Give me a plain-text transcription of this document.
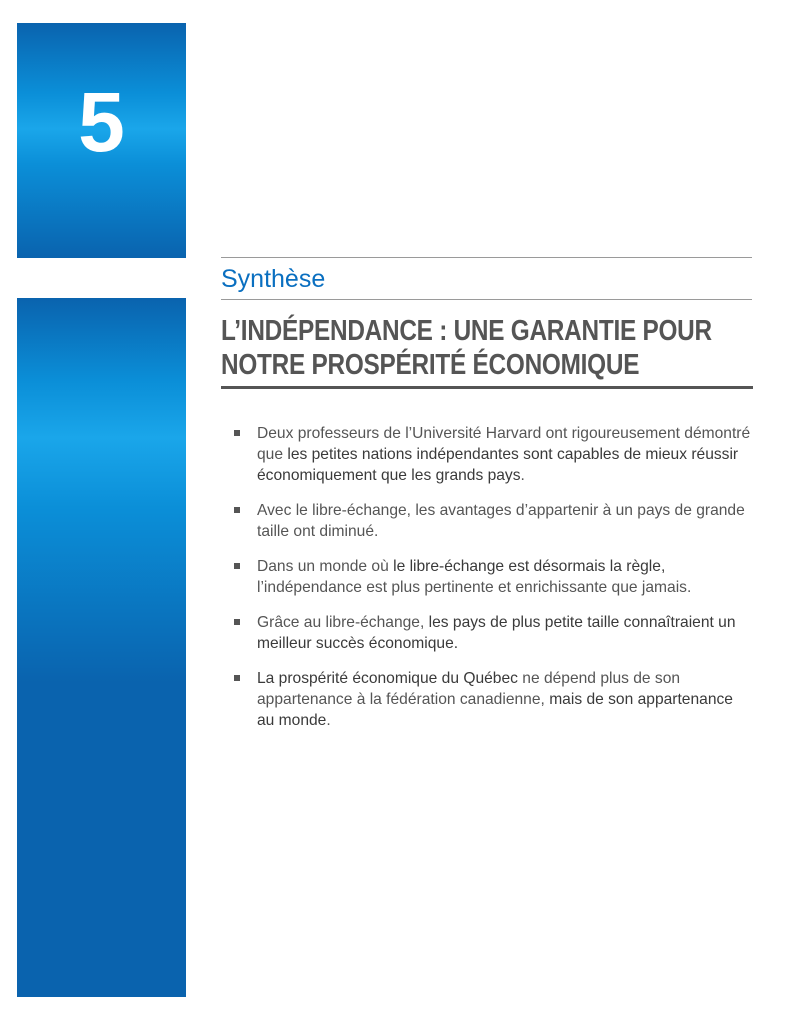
5
Synthèse
L’INDÉPENDANCE : UNE GARANTIE POUR
NOTRE PROSPÉRITÉ ÉCONOMIQUE
Deux professeurs de l’Université Harvard ont rigoureusement démontré que les petites nations indépendantes sont capables de mieux réussir économiquement que les grands pays.
Avec le libre-échange, les avantages d’appartenir à un pays de grande taille ont diminué.
Dans un monde où le libre-échange est désormais la règle, l’indépendance est plus pertinente et enrichissante que jamais.
Grâce au libre-échange, les pays de plus petite taille connaîtraient un meilleur succès économique.
La prospérité économique du Québec ne dépend plus de son appartenance à la fédération canadienne, mais de son appartenance au monde.
